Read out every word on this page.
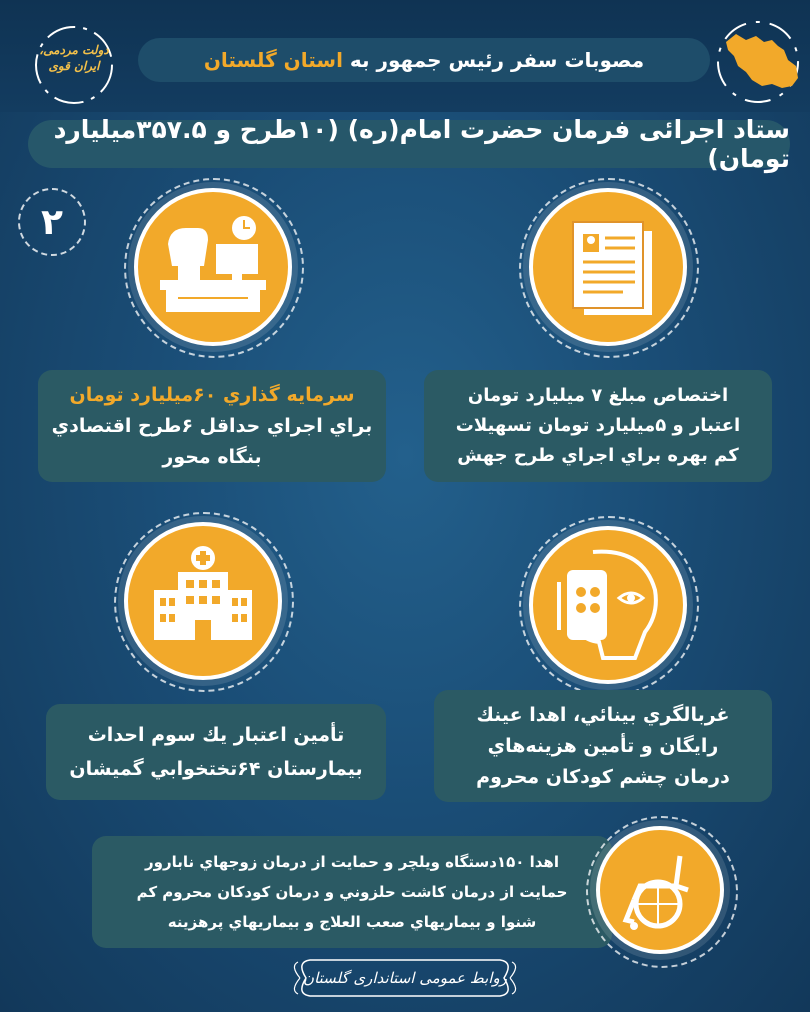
دولت مردمی، ایران قوی	مصوبات سفر رئیس جمهور به

استان گلستان
ستاد اجرائی فرمان حضرت امام(ره) (۱۰طرح و ۳۵۷.۵میلیارد تومان)
۲
اختصاص مبلغ ۷ میلیارد تومان
اعتبار و ۵میلیارد تومان تسهیلات
کم بهره براي اجراي طرح جهش
سرمايه گذاري ۶۰میلیارد تومان
براي اجراي حداقل ۶طرح اقتصادي
بنگاه محور
غربالگري بينائي، اهدا عينك
رايگان و تأمين هزينه‌هاي
درمان چشم كودكان محروم
تأمين اعتبار يك سوم احداث
بيمارستان ۶۴تختخوابي گميشان
اهدا ۱۵۰دستگاه ويلچر و حمايت از درمان زوجهاي نابارور
حمايت از درمان كاشت حلزوني و درمان كودكان محروم كم
شنوا و بيماريهاي صعب العلاج و بيماريهاي پرهزينه
روابط عمومی استانداری گلستان
